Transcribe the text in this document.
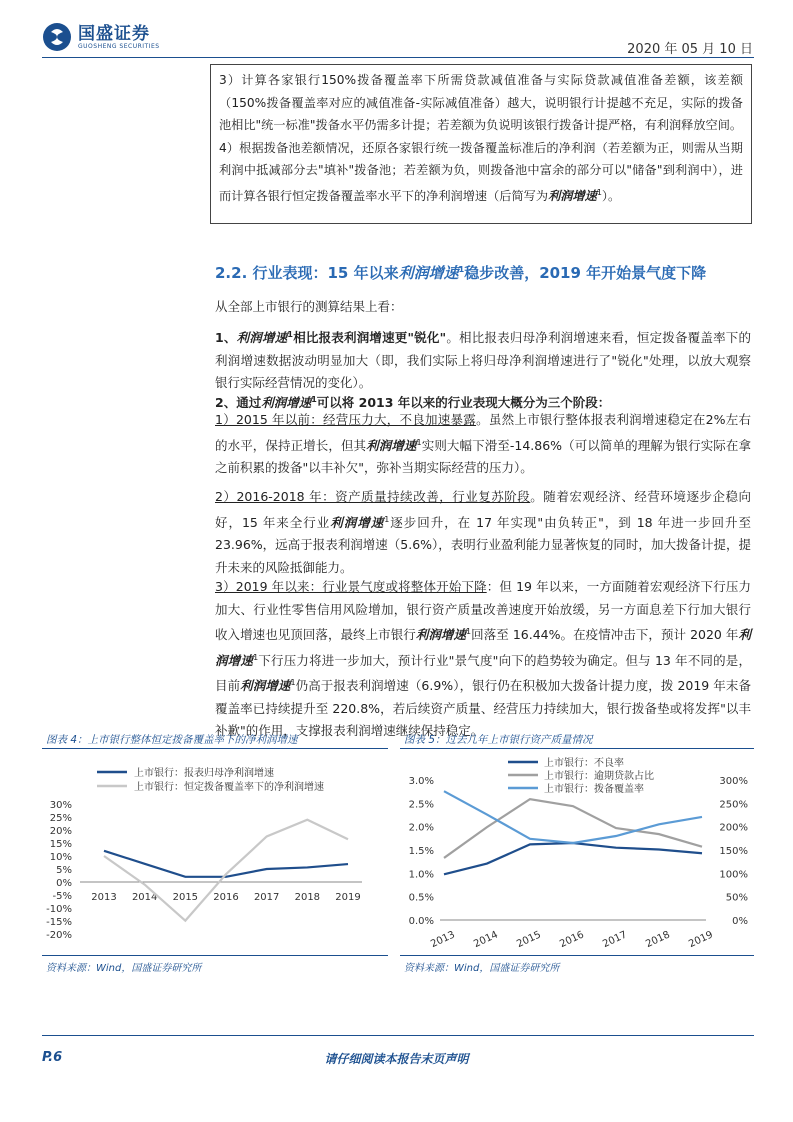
国盛证券
GUOSHENG SECURITIES	2020 年 05 月 10 日

3）计算各家银行150%拨备覆盖率下所需贷款减值准备与实际贷款减值准备差额，该差额（150%拨备覆盖率对应的减值准备-实际减值准备）越大，说明银行计提越不充足，实际的拨备池相比"统一标准"拨备水平仍需多计提；若差额为负说明该银行拨备计提严格，有利润释放空间。

4）根据拨备池差额情况，还原各家银行统一拨备覆盖标准后的净利润（若差额为正，则需从当期利润中抵减部分去"填补"拨备池；若差额为负，则拨备池中富余的部分可以"储备"到利润中），进而计算各银行恒定拨备覆盖率水平下的净利润增速（后简写为利润增速$^1$）。

2.2. 行业表现：15 年以来利润增速$^1$稳步改善，2019 年开始景气度下降

从全部上市银行的测算结果上看：

1、利润增速$^1$相比报表利润增速更"锐化"。相比报表归母净利润增速来看，恒定拨备覆盖率下的利润增速数据波动明显加大（即，我们实际上将归母净利润增速进行了"锐化"处理，以放大观察银行实际经营情况的变化）。

2、通过利润增速$^1$可以将 2013 年以来的行业表现大概分为三个阶段：

1）2015 年以前：经营压力大，不良加速暴露。虽然上市银行整体报表利润增速稳定在2%左右的水平，保持正增长，但其利润增速$^1$实则大幅下滑至-14.86%（可以简单的理解为银行实际在拿之前积累的拨备"以丰补欠"，弥补当期实际经营的压力）。

2）2016-2018 年：资产质量持续改善，行业复苏阶段。随着宏观经济、经营环境逐步企稳向好，15 年来全行业利润增速$^1$逐步回升，在 17 年实现"由负转正"，到 18 年进一步回升至 23.96%，远高于报表利润增速（5.6%），表明行业盈利能力显著恢复的同时，加大拨备计提，提升未来的风险抵御能力。

3）2019 年以来：行业景气度或将整体开始下降：但 19 年以来，一方面随着宏观经济下行压力加大、行业性零售信用风险增加，银行资产质量改善速度开始放缓，另一方面息差下行加大银行收入增速也见顶回落，最终上市银行利润增速$^1$回落至 16.44%。在疫情冲击下，预计 2020 年利润增速$^1$下行压力将进一步加大，预计行业"景气度"向下的趋势较为确定。但与 13 年不同的是，目前利润增速$^1$仍高于报表利润增速（6.9%），银行仍在积极加大拨备计提力度，拨 2019 年末备覆盖率已持续提升至 220.8%，若后续资产质量、经营压力持续加大，银行拨备垫或将发挥"以丰补歉"的作用，支撑报表利润增速继续保持稳定。

图表 4：上市银行整体恒定拨备覆盖率下的净利润增速
上市银行：报表归母净利润增速
上市银行：恒定拨备覆盖率下的净利润增速
30%
25%
20%
15%
10%
5%
0%
-5%
-10%
-15%
-20%
2013 2014 2015 2016 2017 2018 2019
资料来源：Wind，国盛证券研究所
图表 5：过去几年上市银行资产质量情况
上市银行：不良率
上市银行：逾期贷款占比
上市银行：拨备覆盖率
3.0%
2.5%
2.0%
1.5%
1.0%
0.5%
0.0%
300%
250%
200%
150%
100%
50%
0%
2013 2014 2015 2016 2017 2018 2019
资料来源：Wind，国盛证券研究所
请仔细阅读本报告末页声明
P.6
